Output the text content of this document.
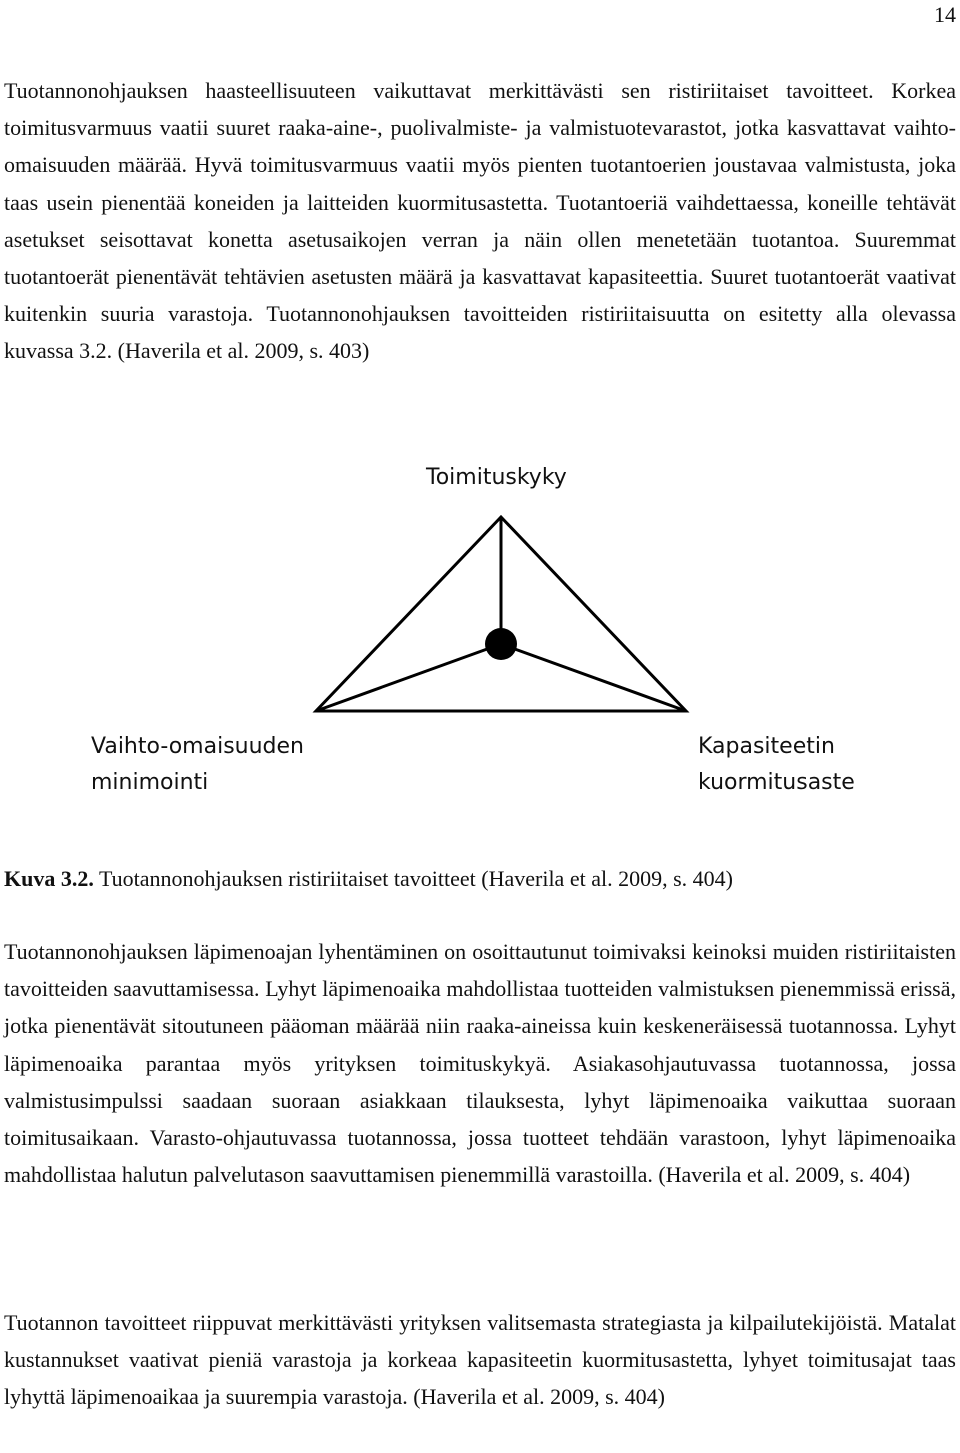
14

Tuotannonohjauksen haasteellisuuteen vaikuttavat merkittävästi sen ristiriitaiset tavoitteet. Korkea toimitusvarmuus vaatii suuret raaka-aine-, puolivalmiste- ja valmistuotevarastot, jotka kasvattavat vaihto-omaisuuden määrää. Hyvä toimitusvarmuus vaatii myös pienten tuotantoerien joustavaa valmistusta, joka taas usein pienentää koneiden ja laitteiden kuormitusastetta. Tuotantoeriä vaihdettaessa, koneille tehtävät asetukset seisottavat konetta asetusaikojen verran ja näin ollen menetetään tuotantoa. Suuremmat tuotantoerät pienentävät tehtävien asetusten määrä ja kasvattavat kapasiteettia. Suuret tuotantoerät vaativat kuitenkin suuria varastoja. Tuotannonohjauksen tavoitteiden ristiriitaisuutta on esitetty alla olevassa kuvassa 3.2. (Haverila et al. 2009, s. 403)

Toimituskyky
Vaihto-omaisuuden
minimointi
Kapasiteetin
kuormitusaste
Kuva 3.2. Tuotannonohjauksen ristiriitaiset tavoitteet (Haverila et al. 2009, s. 404)

Tuotannonohjauksen läpimenoajan lyhentäminen on osoittautunut toimivaksi keinoksi muiden ristiriitaisten tavoitteiden saavuttamisessa. Lyhyt läpimenoaika mahdollistaa tuotteiden valmistuksen pienemmissä erissä, jotka pienentävät sitoutuneen pääoman määrää niin raaka-aineissa kuin keskeneräisessä tuotannossa. Lyhyt läpimenoaika parantaa myös yrityksen toimituskykyä. Asiakasohjautuvassa tuotannossa, jossa valmistusimpulssi saadaan suoraan asiakkaan tilauksesta, lyhyt läpimenoaika vaikuttaa suoraan toimitusaikaan. Varasto-ohjautuvassa tuotannossa, jossa tuotteet tehdään varastoon, lyhyt läpimenoaika mahdollistaa halutun palvelutason saavuttamisen pienemmillä varastoilla. (Haverila et al. 2009, s. 404)

Tuotannon tavoitteet riippuvat merkittävästi yrityksen valitsemasta strategiasta ja kilpailutekijöistä. Matalat kustannukset vaativat pieniä varastoja ja korkeaa kapasiteetin kuormitusastetta, lyhyet toimitusajat taas lyhyttä läpimenoaikaa ja suurempia varastoja. (Haverila et al. 2009, s. 404)
